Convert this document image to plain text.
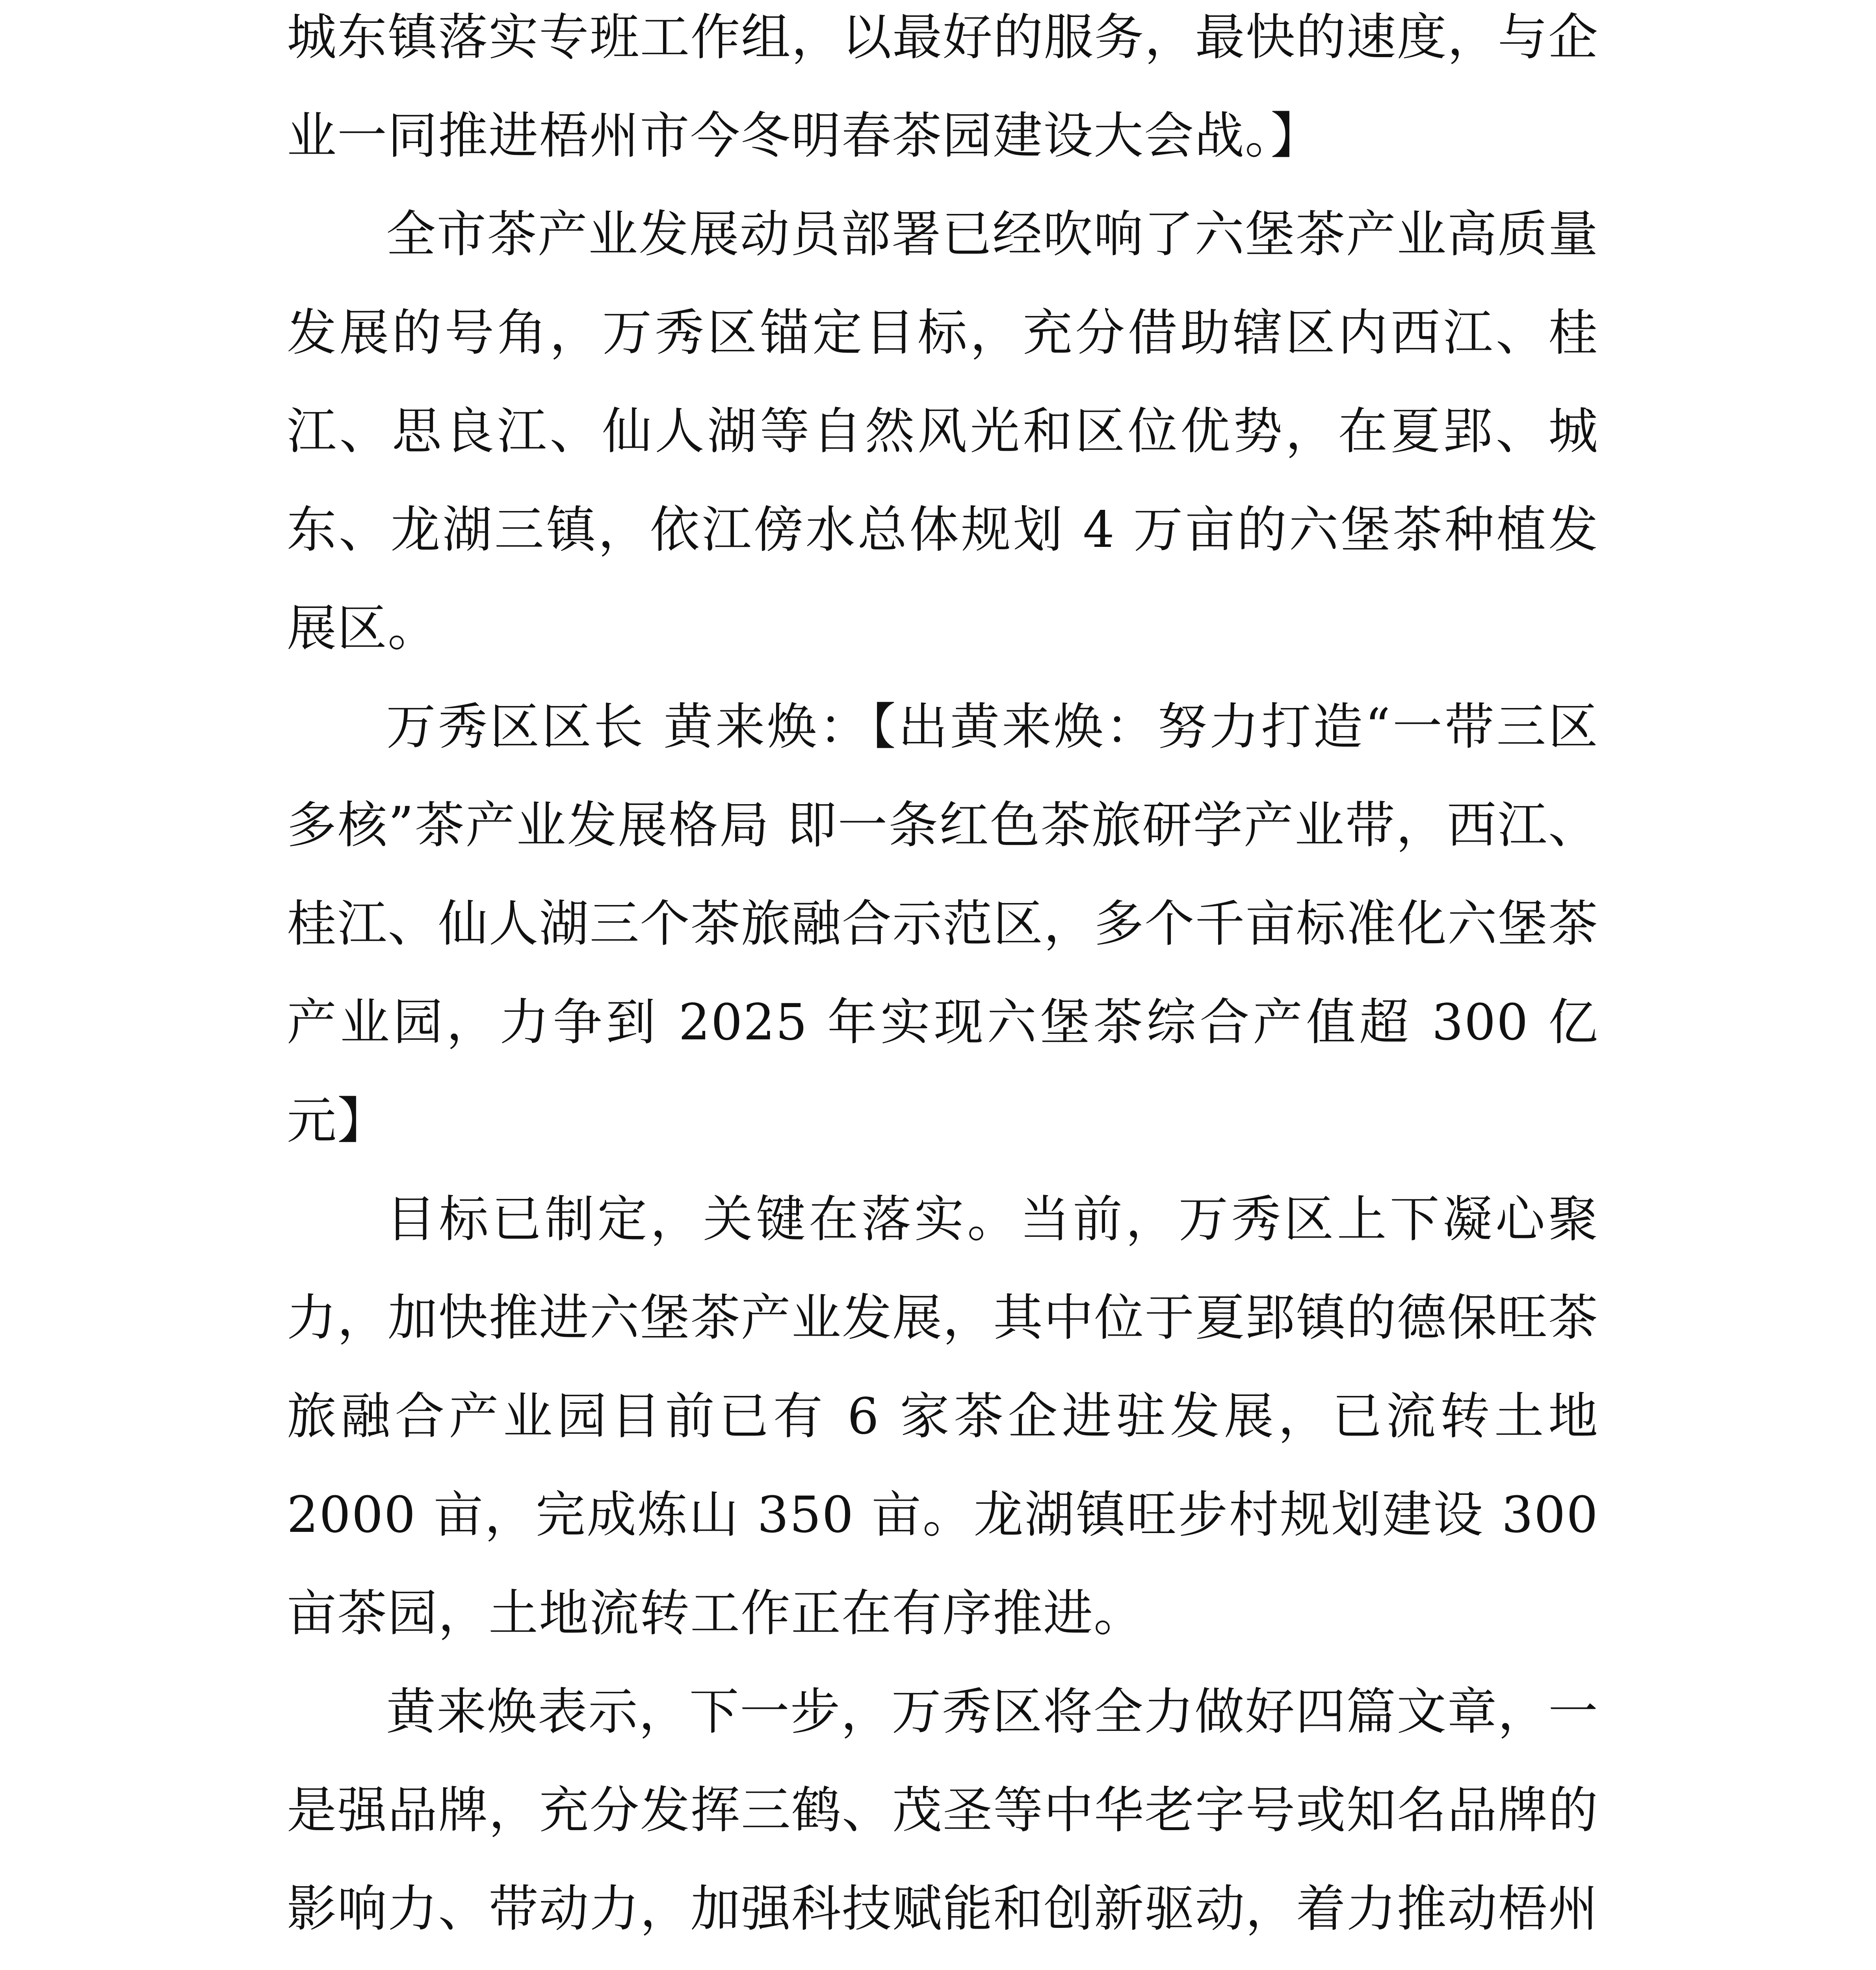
城东镇落实专班工作组，以最好的服务，最快的速度，与企业一同推进梧州市今冬明春茶园建设大会战。】

全市茶产业发展动员部署已经吹响了六堡茶产业高质量发展的号角，万秀区锚定目标，充分借助辖区内西江、桂江、思良江、仙人湖等自然风光和区位优势，在夏郢、城东、龙湖三镇，依江傍水总体规划 4 万亩的六堡茶种植发展区。

万秀区区长 黄来焕：【出黄来焕：努力打造“一带三区多核”茶产业发展格局 即一条红色茶旅研学产业带，西江、桂江、仙人湖三个茶旅融合示范区，多个千亩标准化六堡茶产业园，力争到 2025 年实现六堡茶综合产值超 300 亿元】

目标已制定，关键在落实。当前，万秀区上下凝心聚力，加快推进六堡茶产业发展，其中位于夏郢镇的德保旺茶旅融合产业园目前已有 6 家茶企进驻发展，已流转土地 2000 亩，完成炼山 350 亩。龙湖镇旺步村规划建设 300 亩茶园，土地流转工作正在有序推进。

黄来焕表示，下一步，万秀区将全力做好四篇文章，一是强品牌，充分发挥三鹤、茂圣等中华老字号或知名品牌的影响力、带动力，加强科技赋能和创新驱动，着力推动梧州
